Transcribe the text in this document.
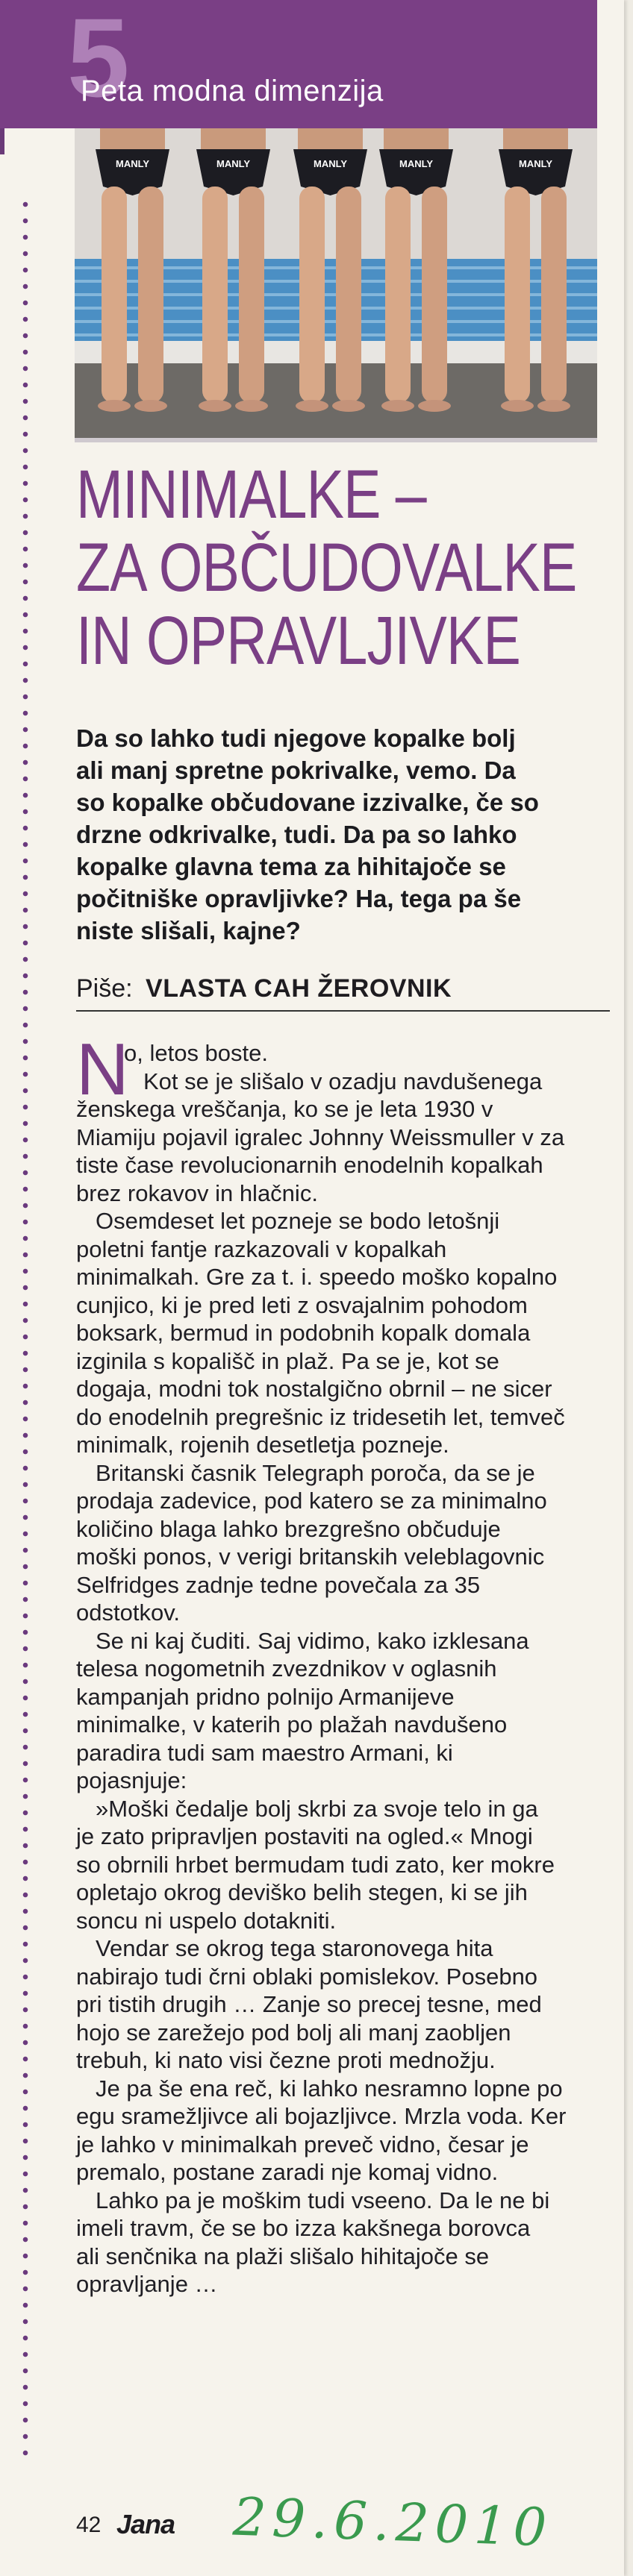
5
Peta modna dimenzija
MANLY	MANLY	MANLY	MANLY	MANLY
MINIMALKE –
ZA OBČUDOVALKE
IN OPRAVLJIVKE
Da so lahko tudi njegove kopalke bolj
ali manj spretne pokrivalke, vemo. Da
so kopalke občudovane izzivalke, če so
drzne odkrivalke, tudi. Da pa so lahko
kopalke glavna tema za hihitajoče se
počitniške opravljivke? Ha, tega pa še
niste slišali, kajne?
Piše: VLASTA CAH ŽEROVNIK
N
o, letos boste.
Kot se je slišalo v ozadju navdušenega
ženskega vreščanja, ko se je leta 1930 v
Miamiju pojavil igralec Johnny Weissmuller v za
tiste čase revolucionarnih enodelnih kopalkah
brez rokavov in hlačnic.
Osemdeset let pozneje se bodo letošnji
poletni fantje razkazovali v kopalkah
minimalkah. Gre za t. i. speedo moško kopalno
cunjico, ki je pred leti z osvajalnim pohodom
boksark, bermud in podobnih kopalk domala
izginila s kopališč in plaž. Pa se je, kot se
dogaja, modni tok nostalgično obrnil – ne sicer
do enodelnih pregrešnic iz tridesetih let, temveč
minimalk, rojenih desetletja pozneje.
Britanski časnik Telegraph poroča, da se je
prodaja zadevice, pod katero se za minimalno
količino blaga lahko brezgrešno občuduje
moški ponos, v verigi britanskih veleblagovnic
Selfridges zadnje tedne povečala za 35
odstotkov.
Se ni kaj čuditi. Saj vidimo, kako izklesana
telesa nogometnih zvezdnikov v oglasnih
kampanjah pridno polnijo Armanijeve
minimalke, v katerih po plažah navdušeno
paradira tudi sam maestro Armani, ki
pojasnjuje:
»Moški čedalje bolj skrbi za svoje telo in ga
je zato pripravljen postaviti na ogled.« Mnogi
so obrnili hrbet bermudam tudi zato, ker mokre
opletajo okrog deviško belih stegen, ki se jih
soncu ni uspelo dotakniti.
Vendar se okrog tega staronovega hita
nabirajo tudi črni oblaki pomislekov. Posebno
pri tistih drugih … Zanje so precej tesne, med
hojo se zarežejo pod bolj ali manj zaobljen
trebuh, ki nato visi čezne proti mednožju.
Je pa še ena reč, ki lahko nesramno lopne po
egu sramežljivce ali bojazljivce. Mrzla voda. Ker
je lahko v minimalkah preveč vidno, česar je
premalo, postane zaradi nje komaj vidno.
Lahko pa je moškim tudi vseeno. Da le ne bi
imeli travm, če se bo izza kakšnega borovca
ali senčnika na plaži slišalo hihitajoče se
opravljanje …
42 Jana 29.6.2010
